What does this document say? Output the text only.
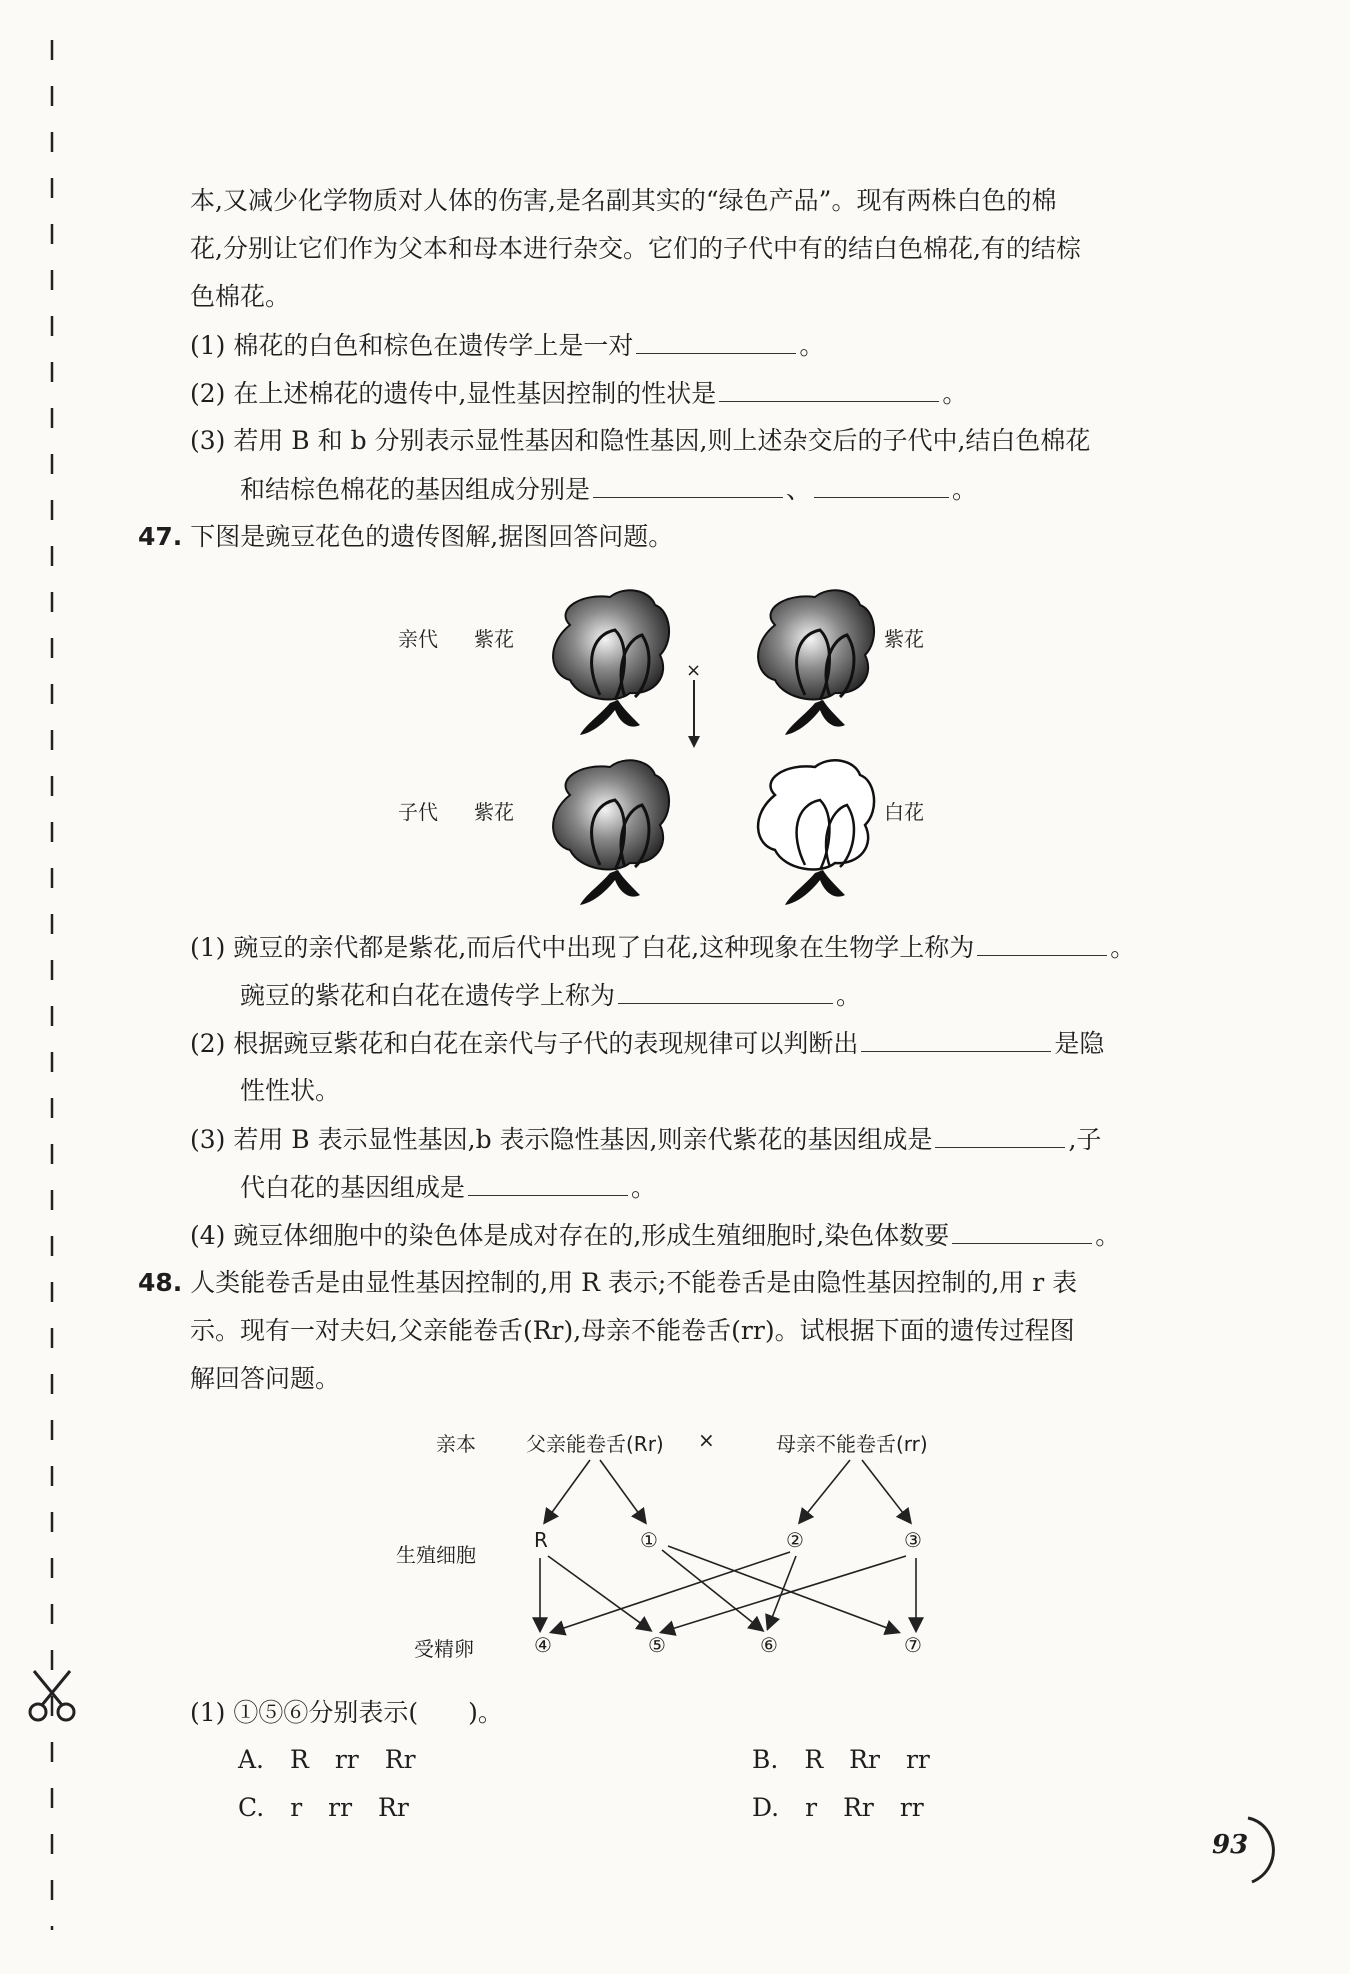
本,又减少化学物质对人体的伤害,是名副其实的“绿色产品”。现有两株白色的棉
花,分别让它们作为父本和母本进行杂交。它们的子代中有的结白色棉花,有的结棕
色棉花。
(1) 棉花的白色和棕色在遗传学上是一对	。
(2) 在上述棉花的遗传中,显性基因控制的性状是	。
(3) 若用 B 和 b 分别表示显性基因和隐性基因,则上述杂交后的子代中,结白色棉花
和结棕色棉花的基因组成分别是	、	。
47. 下图是豌豆花色的遗传图解,据图回答问题。
亲代 紫花	紫花
子代 紫花	白花
×
(1) 豌豆的亲代都是紫花,而后代中出现了白花,这种现象在生物学上称为	。
豌豆的紫花和白花在遗传学上称为	。
(2) 根据豌豆紫花和白花在亲代与子代的表现规律可以判断出	是隐
性性状。
(3) 若用 B 表示显性基因,b 表示隐性基因,则亲代紫花的基因组成是	,子
代白花的基因组成是	。
(4) 豌豆体细胞中的染色体是成对存在的,形成生殖细胞时,染色体数要	。
48. 人类能卷舌是由显性基因控制的,用 R 表示;不能卷舌是由隐性基因控制的,用 r 表
示。现有一对夫妇,父亲能卷舌(Rr),母亲不能卷舌(rr)。试根据下面的遗传过程图
解回答问题。
亲本	父亲能卷舌(Rr) ×	母亲不能卷舌(rr)
生殖细胞
R	①	②	③
受精卵	④	⑤	⑥	⑦
(1) ①⑤⑥分别表示( )。
A. R rr Rr	B. R Rr rr
C. r rr Rr	D. r Rr rr
93
